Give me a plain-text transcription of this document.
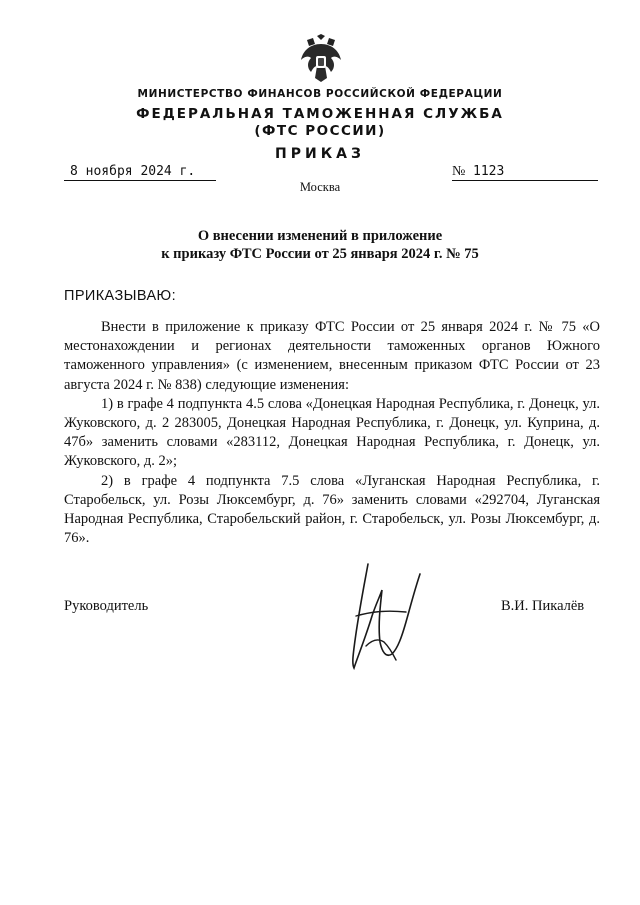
МИНИСТЕРСТВО ФИНАНСОВ РОССИЙСКОЙ ФЕДЕРАЦИИ
ФЕДЕРАЛЬНАЯ ТАМОЖЕННАЯ СЛУЖБА
(ФТС РОССИИ)
ПРИКАЗ
8 ноября 2024 г.	№ 1123
Москва
О внесении изменений в приложение
к приказу ФТС России от 25 января 2024 г. № 75
ПРИКАЗЫВАЮ:

Внести в приложение к приказу ФТС России от 25 января 2024 г. № 75 «О местонахождении и регионах деятельности таможенных органов Южного таможенного управления» (с изменением, внесенным приказом ФТС России от 23 августа 2024 г. № 838) следующие изменения:

1) в графе 4 подпункта 4.5 слова «Донецкая Народная Республика, г. Донецк, ул. Жуковского, д. 2 283005, Донецкая Народная Республика, г. Донецк, ул. Куприна, д. 47б» заменить словами «283112, Донецкая Народная Республика, г. Донецк, ул. Жуковского, д. 2»;

2) в графе 4 подпункта 7.5 слова «Луганская Народная Республика, г. Старобельск, ул. Розы Люксембург, д. 76» заменить словами «292704, Луганская Народная Республика, Старобельский район, г. Старобельск, ул. Розы Люксембург, д. 76».

Руководитель	В.И. Пикалёв
